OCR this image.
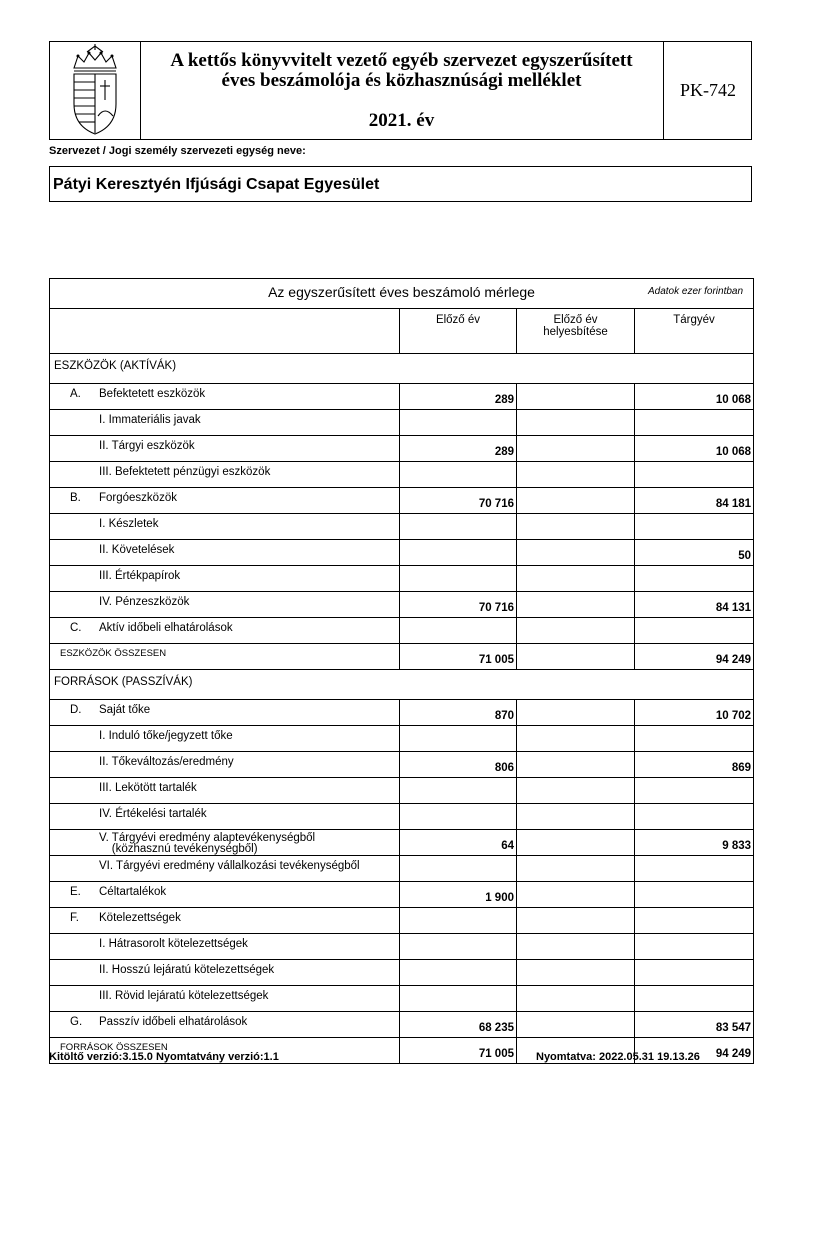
A kettős könyvvitelt vezető egyéb szervezet egyszerűsített
éves beszámolója és közhasznúsági melléklet
2021. év
PK-742
Szervezet / Jogi személy szervezeti egység neve:
Pátyi Keresztyén Ifjúsági Csapat Egyesület
Az egyszerűsített éves beszámoló mérlege Adatok ezer forintban			

	Előző év	Előző év helyesbítése	Tárgyév
ESZKÖZÖK (AKTÍVÁK)			

A. Befektetett eszközök	289		10 068

I. Immateriális javak			

II. Tárgyi eszközök	289		10 068

III. Befektetett pénzügyi eszközök			

B. Forgóeszközök	70 716		84 181

I. Készletek			

II. Követelések			50

III. Értékpapírok			

IV. Pénzeszközök	70 716		84 131

C. Aktív időbeli elhatárolások			

ESZKÖZÖK ÖSSZESEN	71 005		94 249
FORRÁSOK (PASSZÍVÁK)			

D. Saját tőke	870		10 702

I. Induló tőke/jegyzett tőke			

II. Tőkeváltozás/eredmény	806		869

III. Lekötött tartalék			

IV. Értékelési tartalék			

V. Tárgyévi eredmény alaptevékenységből
(közhasznú tevékenységből)	64		9 833

VI. Tárgyévi eredmény vállalkozási tevékenységből			

E. Céltartalékok	1 900		

F. Kötelezettségek			

I. Hátrasorolt kötelezettségek			

II. Hosszú lejáratú kötelezettségek			

III. Rövid lejáratú kötelezettségek			

G. Passzív időbeli elhatárolások	68 235		83 547

FORRÁSOK ÖSSZESEN	71 005		94 249
Kitöltő verzió:3.15.0 Nyomtatvány verzió:1.1	Nyomtatva: 2022.05.31 19.13.26
